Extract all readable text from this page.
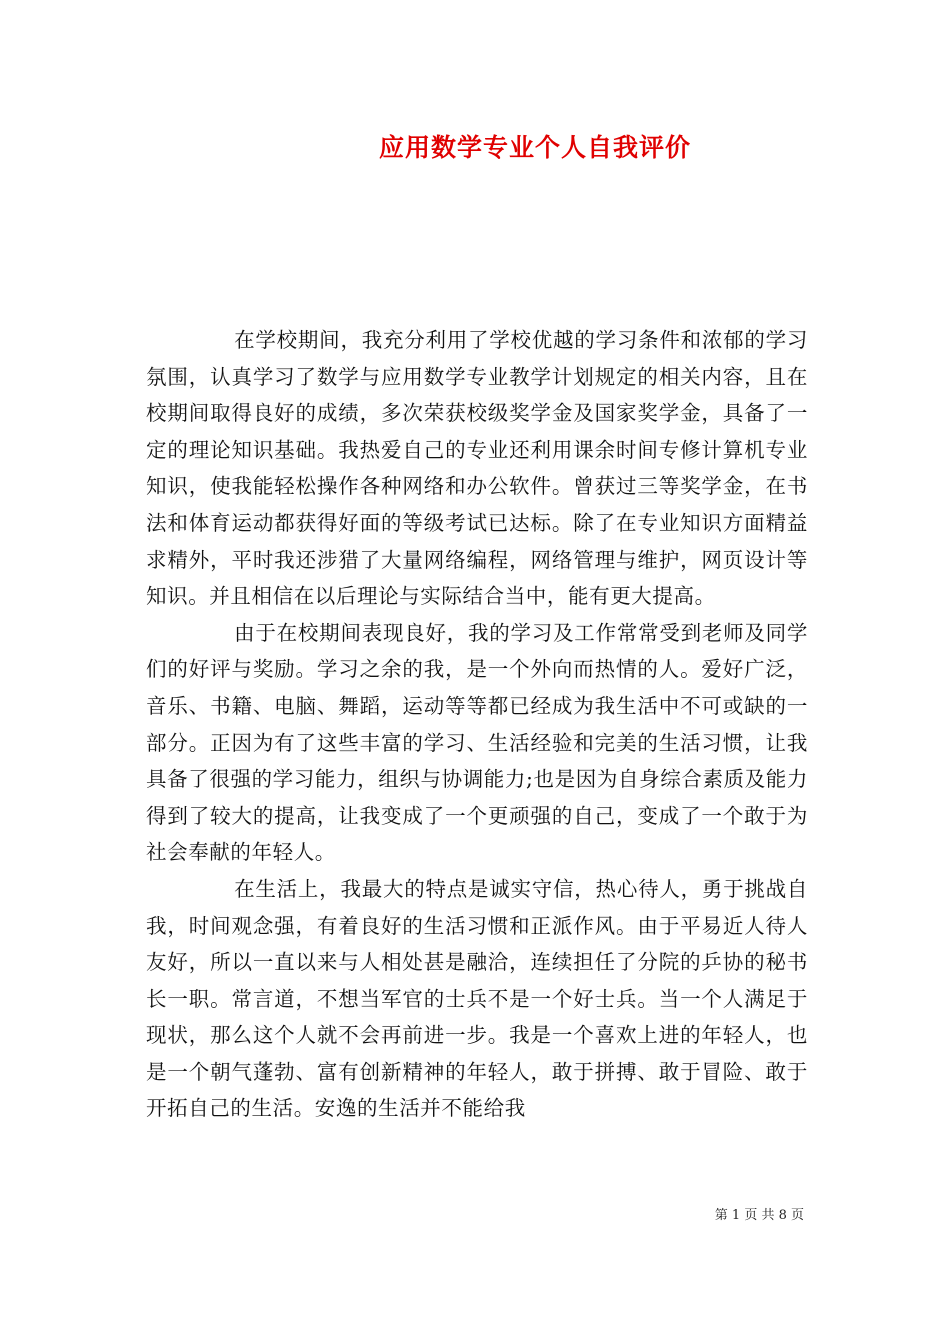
应用数学专业个人自我评价

在学校期间，我充分利用了学校优越的学习条件和浓郁的学习氛围，认真学习了数学与应用数学专业教学计划规定的相关内容，且在校期间取得良好的成绩，多次荣获校级奖学金及国家奖学金，具备了一定的理论知识基础。我热爱自己的专业还利用课余时间专修计算机专业知识，使我能轻松操作各种网络和办公软件。曾获过三等奖学金，在书法和体育运动都获得好面的等级考试已达标。除了在专业知识方面精益求精外，平时我还涉猎了大量网络编程，网络管理与维护，网页设计等知识。并且相信在以后理论与实际结合当中，能有更大提高。

由于在校期间表现良好，我的学习及工作常常受到老师及同学们的好评与奖励。学习之余的我，是一个外向而热情的人。爱好广泛，音乐、书籍、电脑、舞蹈，运动等等都已经成为我生活中不可或缺的一部分。正因为有了这些丰富的学习、生活经验和完美的生活习惯，让我具备了很强的学习能力，组织与协调能力;也是因为自身综合素质及能力得到了较大的提高，让我变成了一个更顽强的自己，变成了一个敢于为社会奉献的年轻人。

在生活上，我最大的特点是诚实守信，热心待人，勇于挑战自我，时间观念强，有着良好的生活习惯和正派作风。由于平易近人待人友好，所以一直以来与人相处甚是融洽，连续担任了分院的乒协的秘书长一职。常言道，不想当军官的士兵不是一个好士兵。当一个人满足于现状，那么这个人就不会再前进一步。我是一个喜欢上进的年轻人，也是一个朝气蓬勃、富有创新精神的年轻人，敢于拼搏、敢于冒险、敢于开拓自己的生活。安逸的生活并不能给我

第 1 页 共 8 页
